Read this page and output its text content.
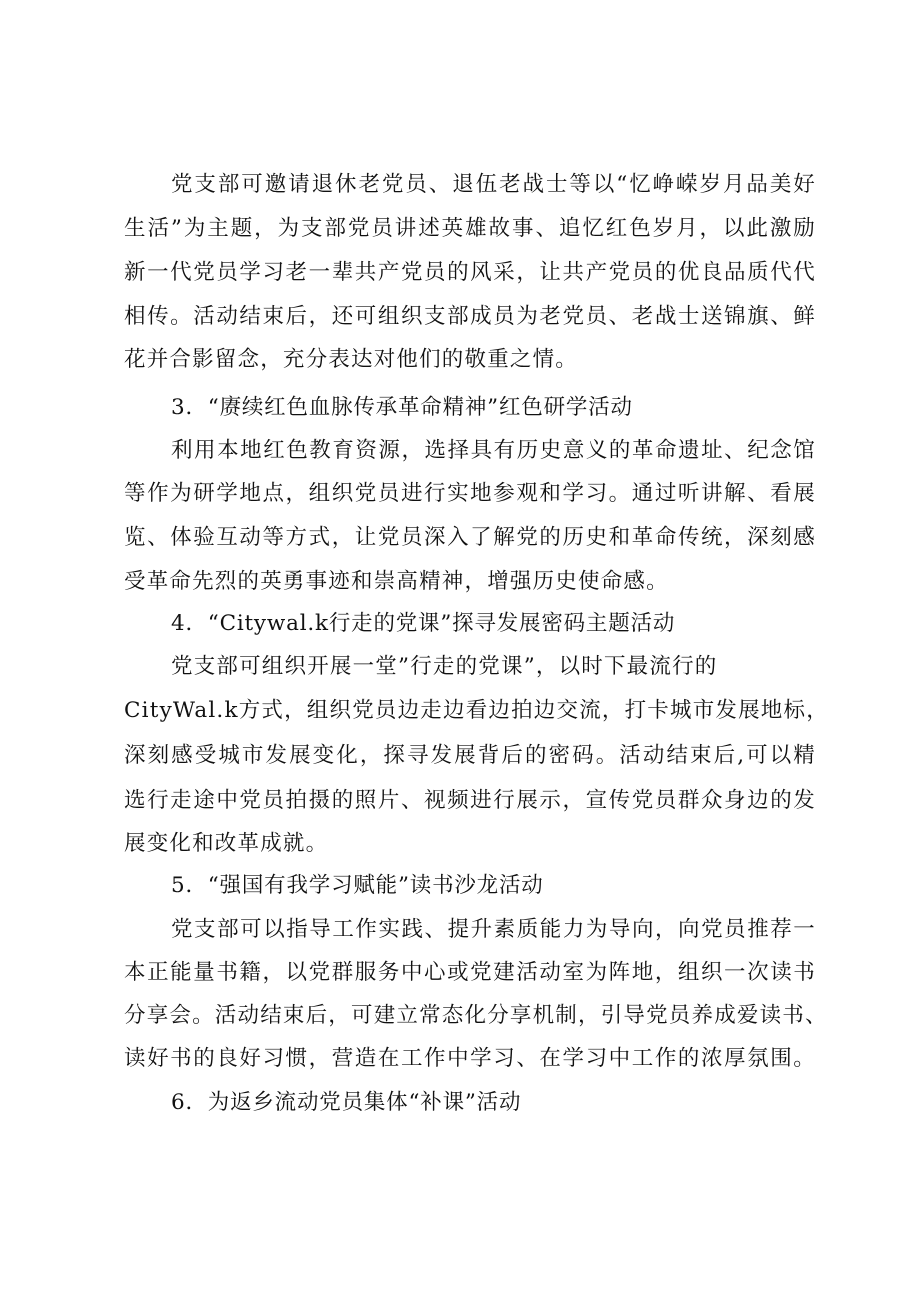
党支部可邀请退休老党员、退伍老战士等以“忆峥嵘岁月品美好

生活”为主题，为支部党员讲述英雄故事、追忆红色岁月，以此激励

新一代党员学习老一辈共产党员的风采，让共产党员的优良品质代代

相传。活动结束后，还可组织支部成员为老党员、老战士送锦旗、鲜

花并合影留念，充分表达对他们的敬重之情。

3．“赓续红色血脉传承革命精神”红色研学活动

利用本地红色教育资源，选择具有历史意义的革命遗址、纪念馆

等作为研学地点，组织党员进行实地参观和学习。通过听讲解、看展

览、体验互动等方式，让党员深入了解党的历史和革命传统，深刻感

受革命先烈的英勇事迹和崇高精神，增强历史使命感。

4．“Citywal.k行走的党课”探寻发展密码主题活动

党支部可组织开展一堂”行走的党课”，以时下最流行的

CityWal.k方式，组织党员边走边看边拍边交流，打卡城市发展地标，

深刻感受城市发展变化，探寻发展背后的密码。活动结束后,可以精

选行走途中党员拍摄的照片、视频进行展示，宣传党员群众身边的发

展变化和改革成就。

5．“强国有我学习赋能”读书沙龙活动

党支部可以指导工作实践、提升素质能力为导向，向党员推荐一

本正能量书籍，以党群服务中心或党建活动室为阵地，组织一次读书

分享会。活动结束后，可建立常态化分享机制，引导党员养成爱读书、

读好书的良好习惯，营造在工作中学习、在学习中工作的浓厚氛围。

6．为返乡流动党员集体“补课”活动
